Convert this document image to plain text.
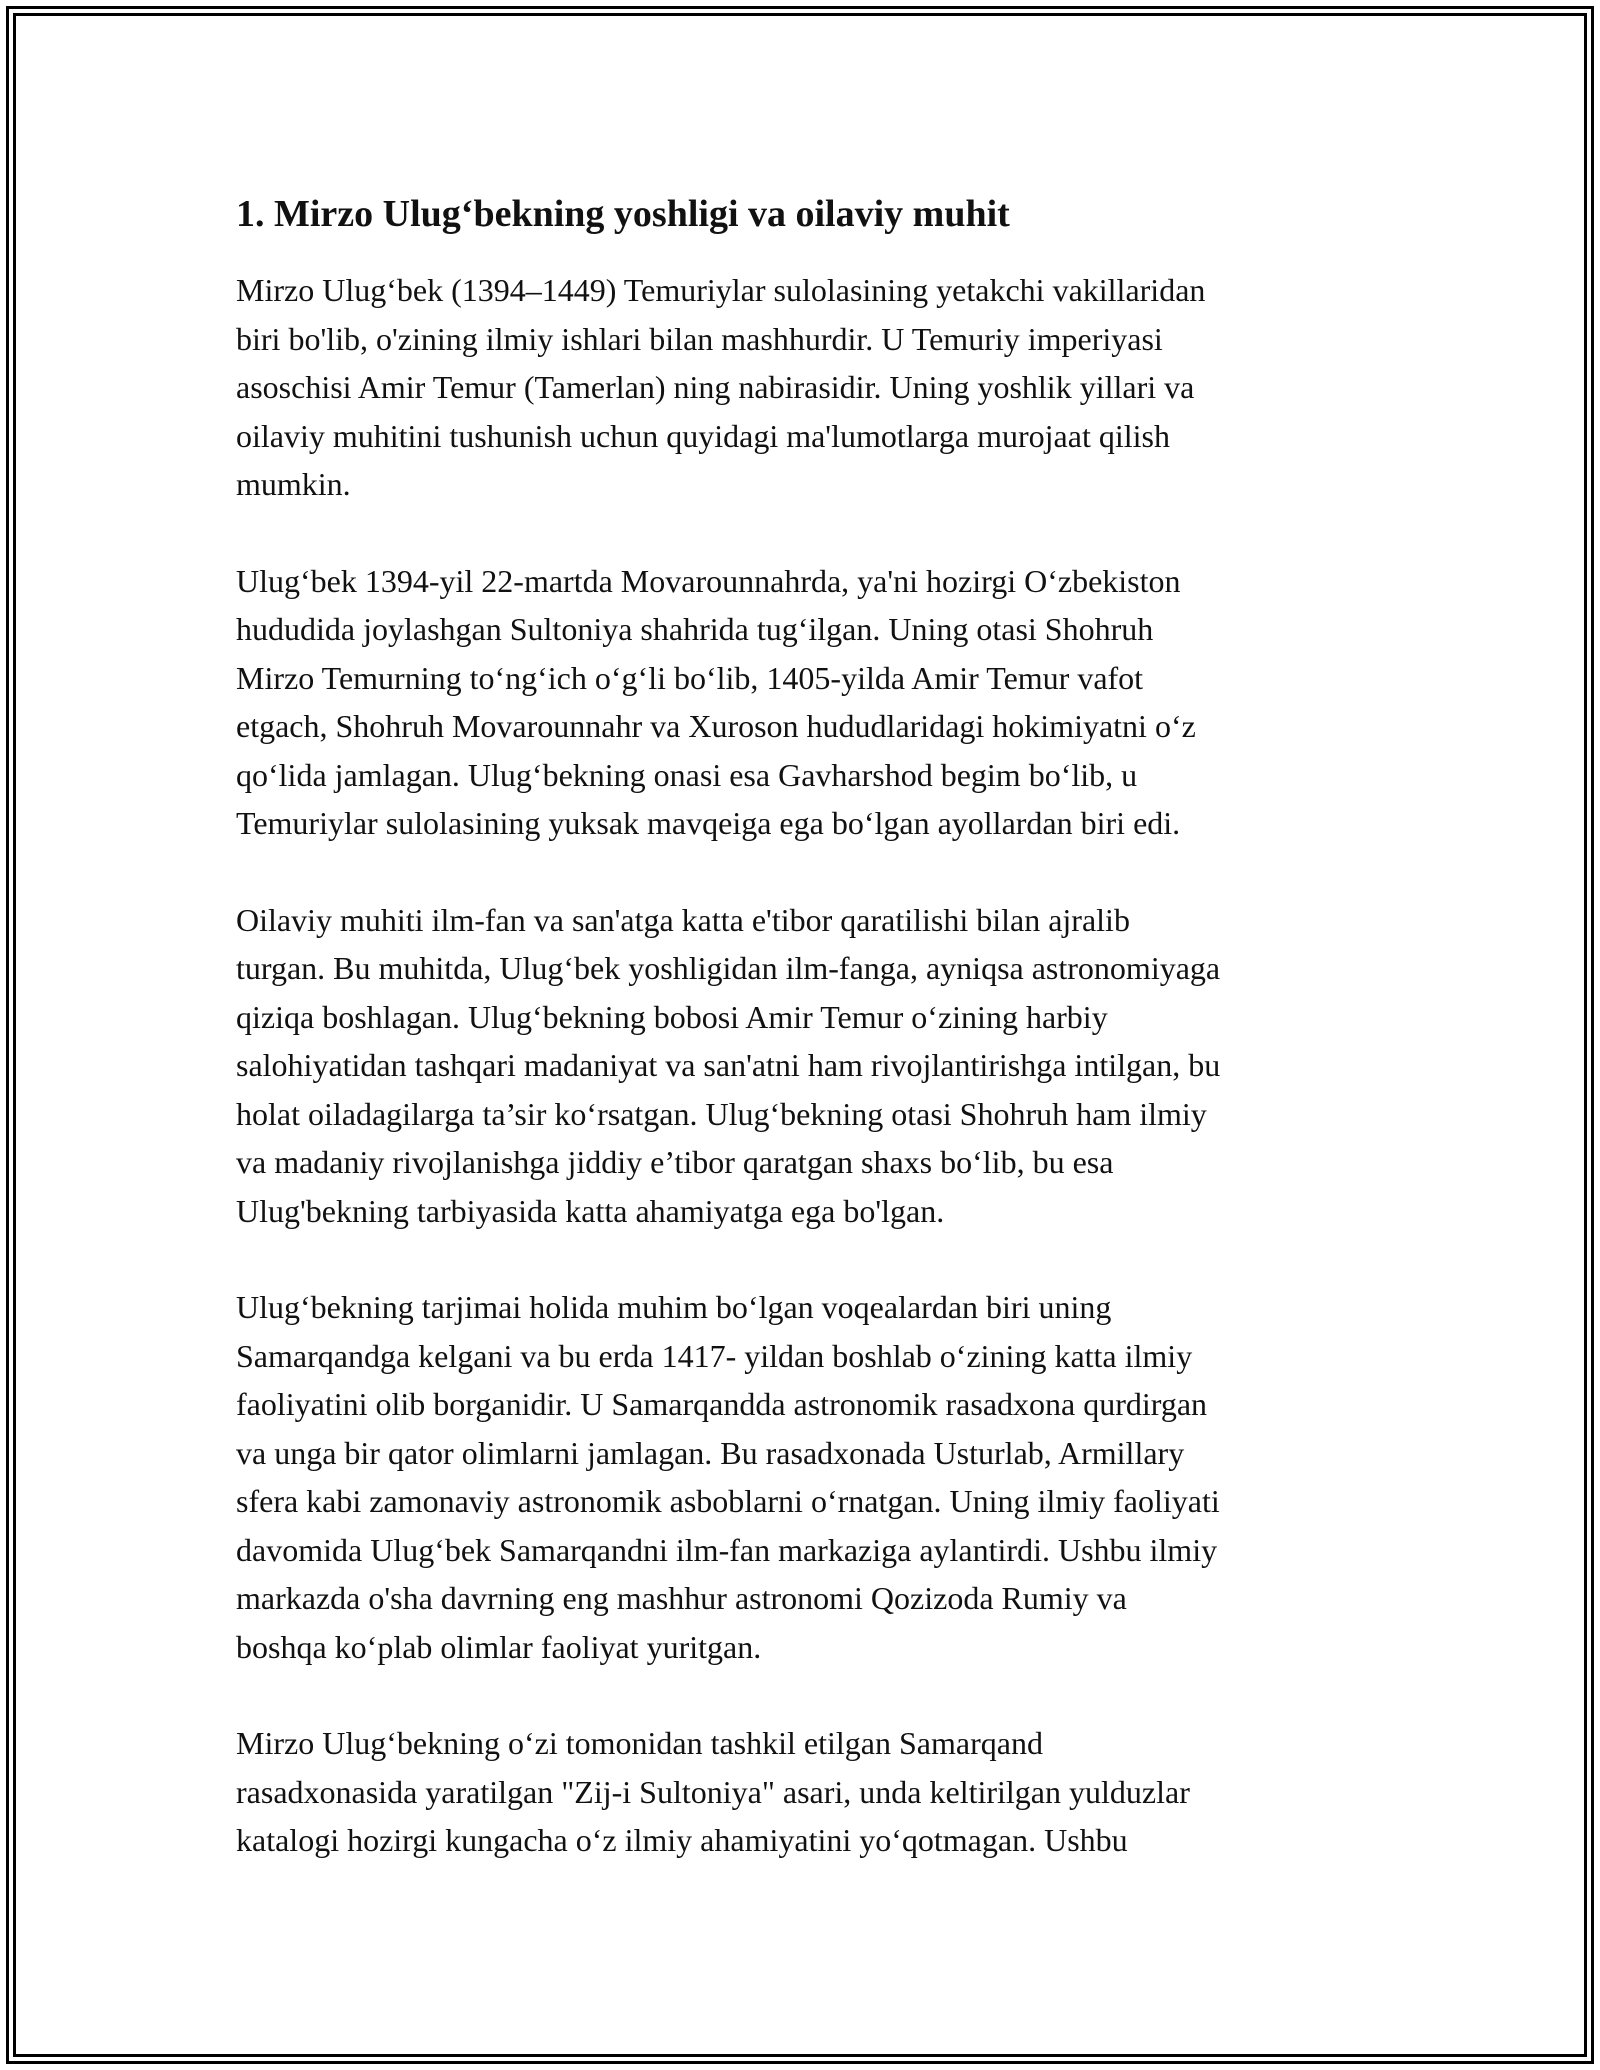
1. Mirzo Ulug‘bekning yoshligi va oilaviy muhit

Mirzo Ulug‘bek (1394–1449) Temuriylar sulolasining yetakchi vakillaridan
biri bo'lib, o'zining ilmiy ishlari bilan mashhurdir. U Temuriy imperiyasi
asoschisi Amir Temur (Tamerlan) ning nabirasidir. Uning yoshlik yillari va
oilaviy muhitini tushunish uchun quyidagi ma'lumotlarga murojaat qilish
mumkin.

Ulug‘bek 1394-yil 22-martda Movarounnahrda, ya'ni hozirgi O‘zbekiston
hududida joylashgan Sultoniya shahrida tug‘ilgan. Uning otasi Shohruh
Mirzo Temurning to‘ng‘ich o‘g‘li bo‘lib, 1405-yilda Amir Temur vafot
etgach, Shohruh Movarounnahr va Xuroson hududlaridagi hokimiyatni o‘z
qo‘lida jamlagan. Ulug‘bekning onasi esa Gavharshod begim bo‘lib, u
Temuriylar sulolasining yuksak mavqeiga ega bo‘lgan ayollardan biri edi.

Oilaviy muhiti ilm-fan va san'atga katta e'tibor qaratilishi bilan ajralib
turgan. Bu muhitda, Ulug‘bek yoshligidan ilm-fanga, ayniqsa astronomiyaga
qiziqa boshlagan. Ulug‘bekning bobosi Amir Temur o‘zining harbiy
salohiyatidan tashqari madaniyat va san'atni ham rivojlantirishga intilgan, bu
holat oiladagilarga ta’sir ko‘rsatgan. Ulug‘bekning otasi Shohruh ham ilmiy
va madaniy rivojlanishga jiddiy e’tibor qaratgan shaxs bo‘lib, bu esa
Ulug'bekning tarbiyasida katta ahamiyatga ega bo'lgan.

Ulug‘bekning tarjimai holida muhim bo‘lgan voqealardan biri uning
Samarqandga kelgani va bu erda 1417- yildan boshlab o‘zining katta ilmiy
faoliyatini olib borganidir. U Samarqandda astronomik rasadxona qurdirgan
va unga bir qator olimlarni jamlagan. Bu rasadxonada Usturlab, Armillary
sfera kabi zamonaviy astronomik asboblarni o‘rnatgan. Uning ilmiy faoliyati
davomida Ulug‘bek Samarqandni ilm-fan markaziga aylantirdi. Ushbu ilmiy
markazda o'sha davrning eng mashhur astronomi Qozizoda Rumiy va
boshqa ko‘plab olimlar faoliyat yuritgan.

Mirzo Ulug‘bekning o‘zi tomonidan tashkil etilgan Samarqand
rasadxonasida yaratilgan "Zij-i Sultoniya" asari, unda keltirilgan yulduzlar
katalogi hozirgi kungacha o‘z ilmiy ahamiyatini yo‘qotmagan. Ushbu
